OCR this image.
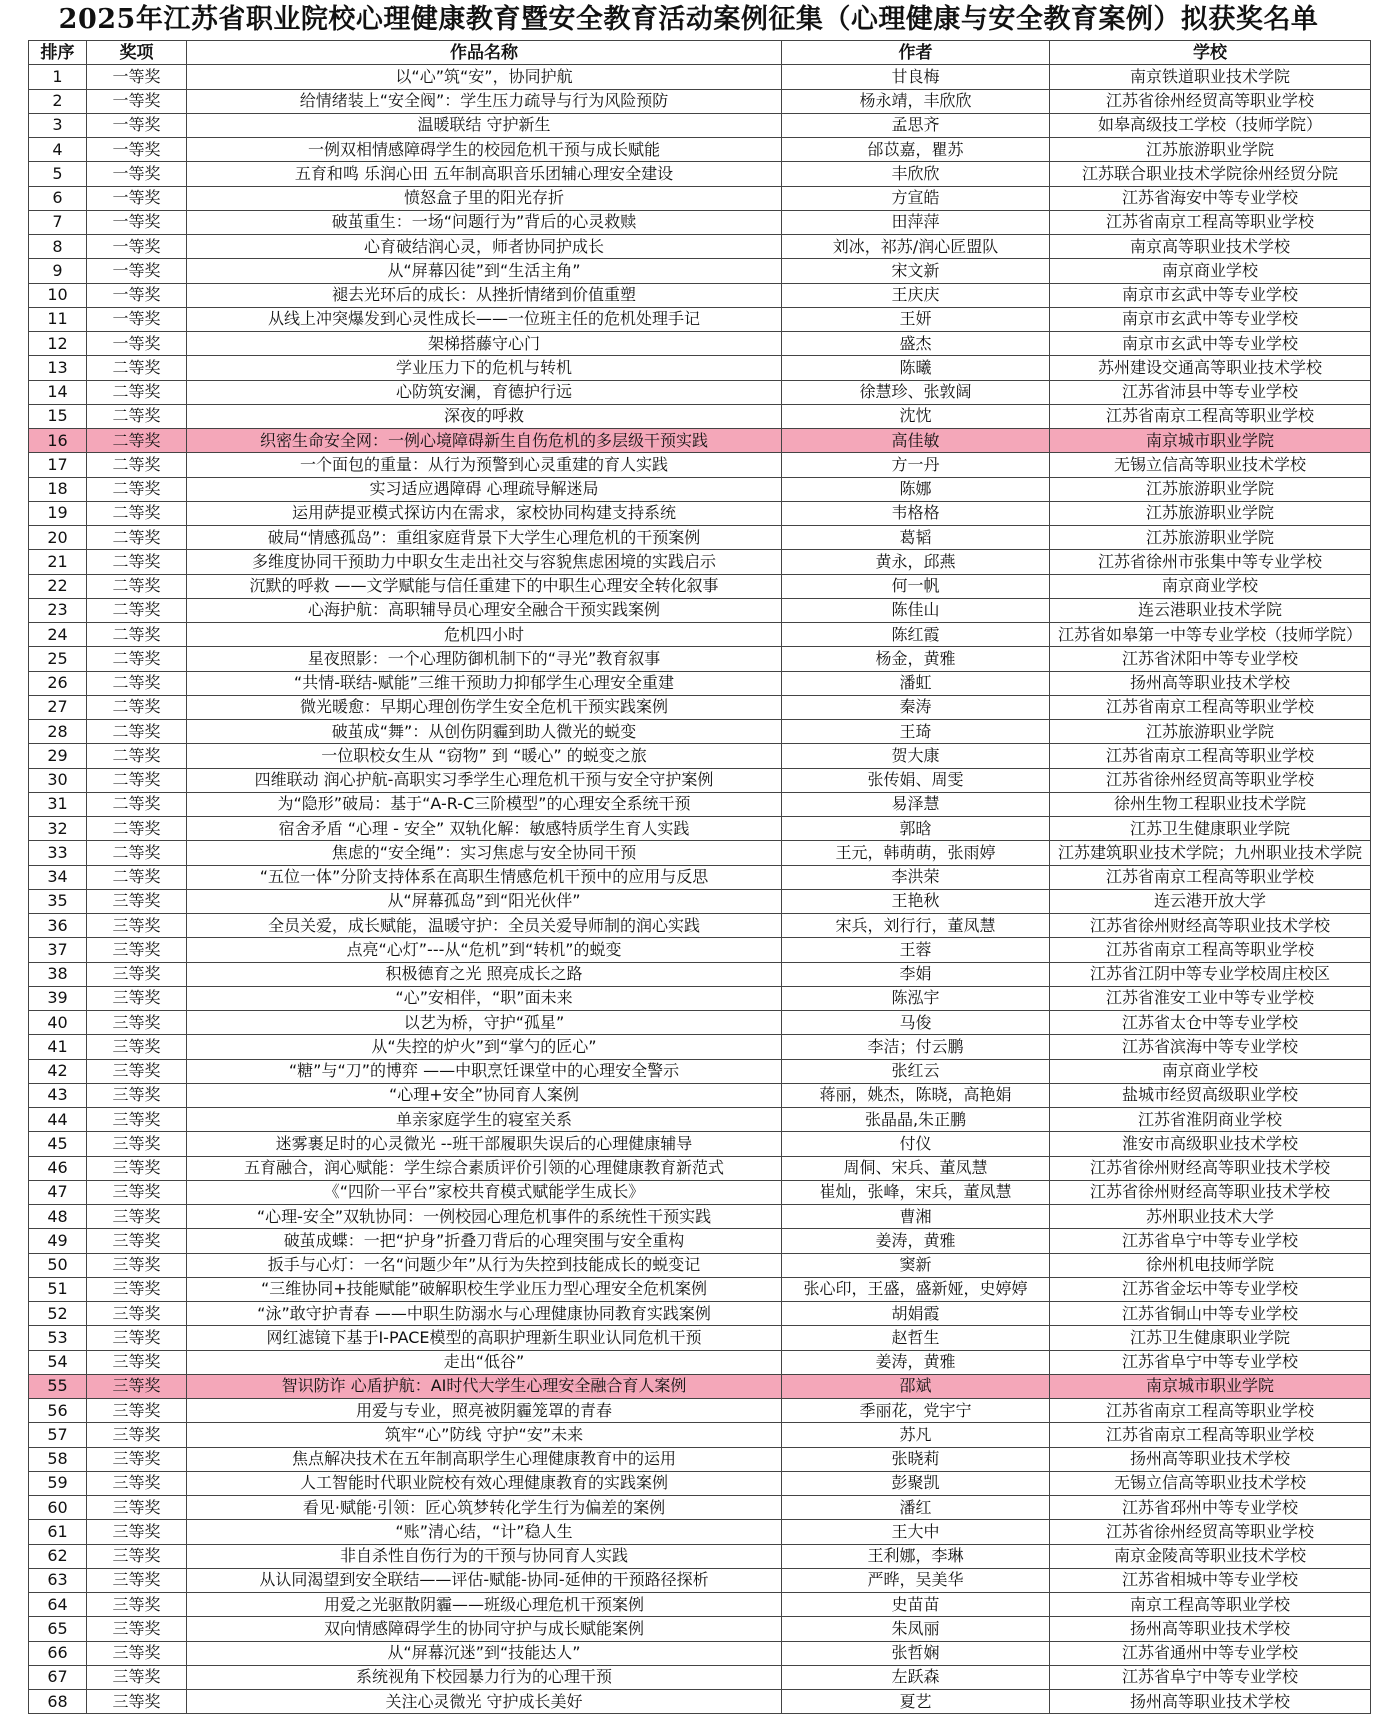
2025年江苏省职业院校心理健康教育暨安全教育活动案例征集（心理健康与安全教育案例）拟获奖名单
排序	奖项	作品名称	作者	学校
1	一等奖	以“心”筑“安”，协同护航	甘良梅	南京铁道职业技术学院
2	一等奖	给情绪装上“安全阀”：学生压力疏导与行为风险预防	杨永靖，丰欣欣	江苏省徐州经贸高等职业学校
3	一等奖	温暖联结 守护新生	孟思齐	如皋高级技工学校（技师学院）
4	一等奖	一例双相情感障碍学生的校园危机干预与成长赋能	邰苡嘉，瞿苏	江苏旅游职业学院
5	一等奖	五育和鸣 乐润心田 五年制高职音乐团辅心理安全建设	丰欣欣	江苏联合职业技术学院徐州经贸分院
6	一等奖	愤怒盒子里的阳光存折	方宣皓	江苏省海安中等专业学校
7	一等奖	破茧重生：一场“问题行为”背后的心灵救赎	田萍萍	江苏省南京工程高等职业学校
8	一等奖	心育破结润心灵，师者协同护成长	刘冰，祁苏/润心匠盟队	南京高等职业技术学校
9	一等奖	从“屏幕囚徒”到“生活主角”	宋文新	南京商业学校
10	一等奖	褪去光环后的成长：从挫折情绪到价值重塑	王庆庆	南京市玄武中等专业学校
11	一等奖	从线上冲突爆发到心灵性成长——一位班主任的危机处理手记	王妍	南京市玄武中等专业学校
12	一等奖	架梯搭藤守心门	盛杰	南京市玄武中等专业学校
13	二等奖	学业压力下的危机与转机	陈曦	苏州建设交通高等职业技术学校
14	二等奖	心防筑安澜，育德护行远	徐慧珍、张敦阔	江苏省沛县中等专业学校
15	二等奖	深夜的呼救	沈忱	江苏省南京工程高等职业学校
16	二等奖	织密生命安全网：一例心境障碍新生自伤危机的多层级干预实践	高佳敏	南京城市职业学院
17	二等奖	一个面包的重量：从行为预警到心灵重建的育人实践	方一丹	无锡立信高等职业技术学校
18	二等奖	实习适应遇障碍 心理疏导解迷局	陈娜	江苏旅游职业学院
19	二等奖	运用萨提亚模式探访内在需求，家校协同构建支持系统	韦格格	江苏旅游职业学院
20	二等奖	破局“情感孤岛”：重组家庭背景下大学生心理危机的干预案例	葛韬	江苏旅游职业学院
21	二等奖	多维度协同干预助力中职女生走出社交与容貌焦虑困境的实践启示	黄永，邱燕	江苏省徐州市张集中等专业学校
22	二等奖	沉默的呼救 ——文学赋能与信任重建下的中职生心理安全转化叙事	何一帆	南京商业学校
23	二等奖	心海护航：高职辅导员心理安全融合干预实践案例	陈佳山	连云港职业技术学院
24	二等奖	危机四小时	陈红霞	江苏省如皋第一中等专业学校（技师学院）
25	二等奖	星夜照影：一个心理防御机制下的“寻光”教育叙事	杨金，黄雅	江苏省沭阳中等专业学校
26	二等奖	“共情-联结-赋能”三维干预助力抑郁学生心理安全重建	潘虹	扬州高等职业技术学校
27	二等奖	微光暖愈：早期心理创伤学生安全危机干预实践案例	秦涛	江苏省南京工程高等职业学校
28	二等奖	破茧成“舞”：从创伤阴霾到助人微光的蜕变	王琦	江苏旅游职业学院
29	二等奖	一位职校女生从 “窃物” 到 “暖心” 的蜕变之旅	贺大康	江苏省南京工程高等职业学校
30	二等奖	四维联动 润心护航-高职实习季学生心理危机干预与安全守护案例	张传娟、周雯	江苏省徐州经贸高等职业学校
31	二等奖	为“隐形”破局：基于“A-R-C三阶模型”的心理安全系统干预	易泽慧	徐州生物工程职业技术学院
32	二等奖	宿舍矛盾 “心理 - 安全” 双轨化解：敏感特质学生育人实践	郭晗	江苏卫生健康职业学院
33	二等奖	焦虑的“安全绳”：实习焦虑与安全协同干预	王元，韩萌萌，张雨婷	江苏建筑职业技术学院；九州职业技术学院
34	二等奖	“五位一体”分阶支持体系在高职生情感危机干预中的应用与反思	李洪荣	江苏省南京工程高等职业学校
35	三等奖	从“屏幕孤岛”到“阳光伙伴”	王艳秋	连云港开放大学
36	三等奖	全员关爱，成长赋能，温暖守护：全员关爱导师制的润心实践	宋兵，刘行行，董凤慧	江苏省徐州财经高等职业技术学校
37	三等奖	点亮“心灯”---从“危机”到“转机”的蜕变	王蓉	江苏省南京工程高等职业学校
38	三等奖	积极德育之光 照亮成长之路	李娟	江苏省江阴中等专业学校周庄校区
39	三等奖	“心”安相伴，“职”面未来	陈泓宇	江苏省淮安工业中等专业学校
40	三等奖	以艺为桥，守护“孤星”	马俊	江苏省太仓中等专业学校
41	三等奖	从“失控的炉火”到“掌勺的匠心”	李洁；付云鹏	江苏省滨海中等专业学校
42	三等奖	“糖”与“刀”的博弈 ——中职烹饪课堂中的心理安全警示	张红云	南京商业学校
43	三等奖	“心理+安全”协同育人案例	蒋丽，姚杰，陈晓，高艳娟	盐城市经贸高级职业学校
44	三等奖	单亲家庭学生的寝室关系	张晶晶,朱正鹏	江苏省淮阴商业学校
45	三等奖	迷雾裹足时的心灵微光 --班干部履职失误后的心理健康辅导	付仪	淮安市高级职业技术学校
46	三等奖	五育融合，润心赋能：学生综合素质评价引领的心理健康教育新范式	周侗、宋兵、董凤慧	江苏省徐州财经高等职业技术学校
47	三等奖	《“四阶一平台”家校共育模式赋能学生成长》	崔灿，张峰，宋兵，董凤慧	江苏省徐州财经高等职业技术学校
48	三等奖	“心理-安全”双轨协同：一例校园心理危机事件的系统性干预实践	曹湘	苏州职业技术大学
49	三等奖	破茧成蝶：一把“护身”折叠刀背后的心理突围与安全重构	姜涛，黄雅	江苏省阜宁中等专业学校
50	三等奖	扳手与心灯：一名“问题少年”从行为失控到技能成长的蜕变记	窦新	徐州机电技师学院
51	三等奖	“三维协同+技能赋能”破解职校生学业压力型心理安全危机案例	张心印，王盛，盛新娅，史婷婷	江苏省金坛中等专业学校
52	三等奖	“泳”敢守护青春 ——中职生防溺水与心理健康协同教育实践案例	胡娟霞	江苏省铜山中等专业学校
53	三等奖	网红滤镜下基于I-PACE模型的高职护理新生职业认同危机干预	赵哲生	江苏卫生健康职业学院
54	三等奖	走出“低谷”	姜涛，黄雅	江苏省阜宁中等专业学校
55	三等奖	智识防诈 心盾护航：AI时代大学生心理安全融合育人案例	邵斌	南京城市职业学院
56	三等奖	用爱与专业，照亮被阴霾笼罩的青春	季丽花，党宇宁	江苏省南京工程高等职业学校
57	三等奖	筑牢“心”防线 守护“安”未来	苏凡	江苏省南京工程高等职业学校
58	三等奖	焦点解决技术在五年制高职学生心理健康教育中的运用	张晓莉	扬州高等职业技术学校
59	三等奖	人工智能时代职业院校有效心理健康教育的实践案例	彭聚凯	无锡立信高等职业技术学校
60	三等奖	看见·赋能·引领：匠心筑梦转化学生行为偏差的案例	潘红	江苏省邳州中等专业学校
61	三等奖	“账”清心结，“计”稳人生	王大中	江苏省徐州经贸高等职业学校
62	三等奖	非自杀性自伤行为的干预与协同育人实践	王利娜，李琳	南京金陵高等职业技术学校
63	三等奖	从认同渴望到安全联结——评估-赋能-协同-延伸的干预路径探析	严晔，吴美华	江苏省相城中等专业学校
64	三等奖	用爱之光驱散阴霾——班级心理危机干预案例	史苗苗	南京工程高等职业学校
65	三等奖	双向情感障碍学生的协同守护与成长赋能案例	朱凤丽	扬州高等职业技术学校
66	三等奖	从“屏幕沉迷”到“技能达人”	张哲娴	江苏省通州中等专业学校
67	三等奖	系统视角下校园暴力行为的心理干预	左跃森	江苏省阜宁中等专业学校
68	三等奖	关注心灵微光 守护成长美好	夏艺	扬州高等职业技术学校
